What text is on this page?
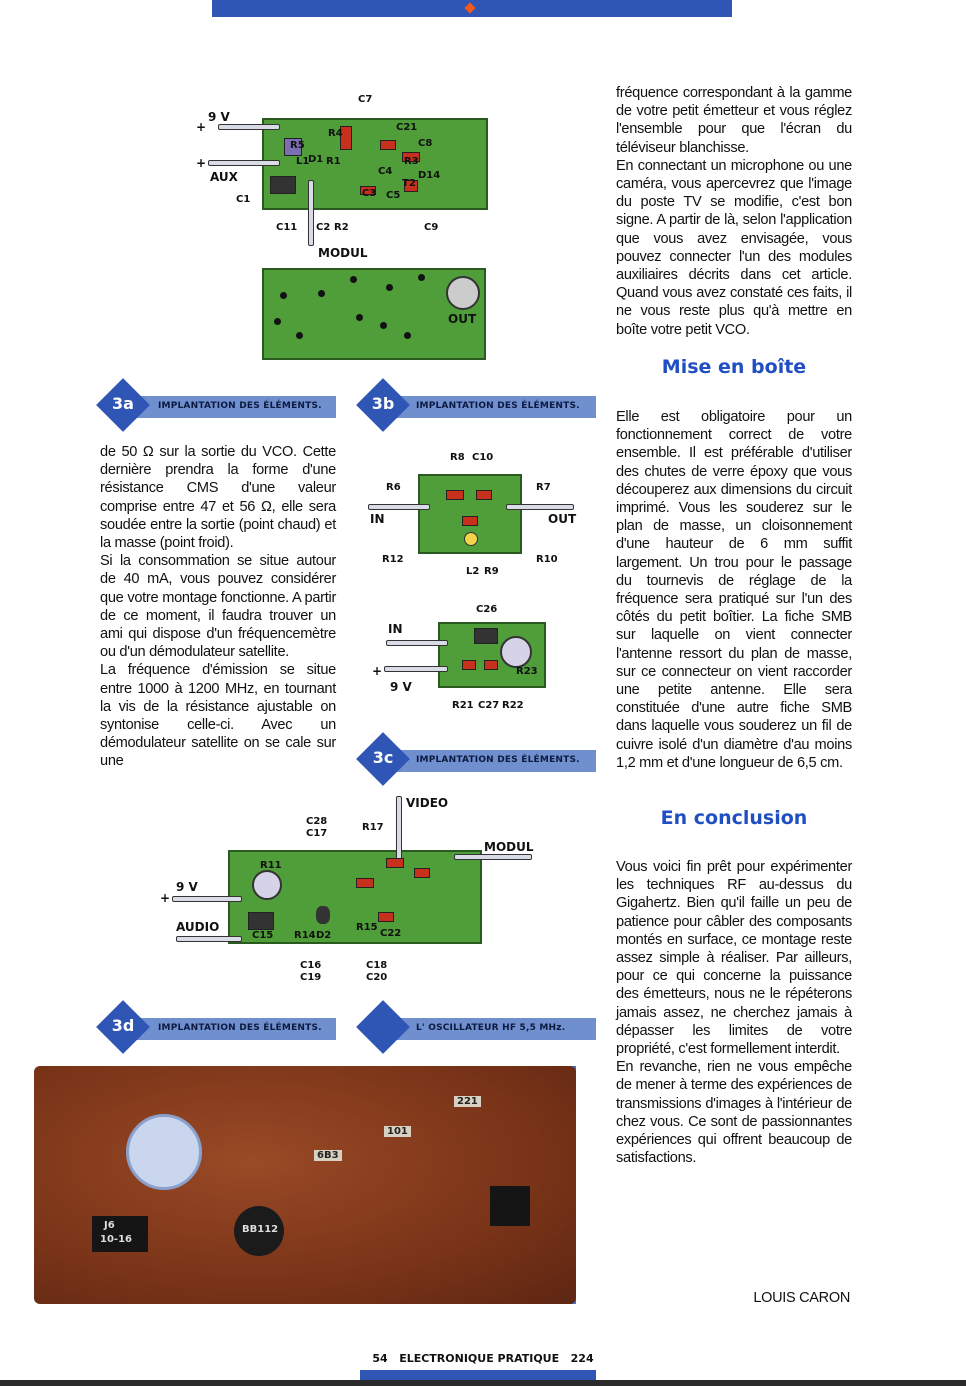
C7
9 V
+	R4
C21
C8
R5
L1
D1	R3
R1
C4
+
D14
AUX	T2
C3 C5
C1
C11 C2 R2	C9
MODUL
OUT
3a	IMPLANTATION DES ÉLÉMENTS.	3b	IMPLANTATION DES ÉLÉMENTS.
3c	IMPLANTATION DES ÉLÉMENTS.
3d	IMPLANTATION DES ÉLÉMENTS.	L' OSCILLATEUR HF 5,5 MHz.
R8 C10
R6	R7
IN	OUT
R12	R10
L2 R9
C26
IN
+
9 V
R23
R21 C27 R22
VIDEO
C28
C17
R17
MODUL
9 V
+
AUDIO
R11
C15	D2
R14
C16
C19
C18
C20
R15
C22
221
101
6B3
BB112
J6
10-16

de 50 Ω sur la sortie du VCO. Cette dernière prendra la forme d'une résistance CMS d'une valeur comprise entre 47 et 56 Ω, elle sera soudée entre la sortie (point chaud) et la masse (point froid).

Si la consommation se situe autour de 40 mA, vous pouvez considérer que votre montage fonctionne. A partir de ce moment, il faudra trouver un ami qui dispose d'un fréquencemètre ou d'un démodulateur satellite.

La fréquence d'émission se situe entre 1000 à 1200 MHz, en tournant la vis de la résistance ajustable on syntonise celle-ci. Avec un démodulateur satellite on se cale sur une

fréquence correspondant à la gamme de votre petit émetteur et vous réglez l'ensemble pour que l'écran du téléviseur blanchisse.

En connectant un microphone ou une caméra, vous apercevrez que l'image du poste TV se modifie, c'est bon signe. A partir de là, selon l'application que vous avez envisagée, vous pouvez connecter l'un des modules auxiliaires décrits dans cet article. Quand vous avez constaté ces faits, il ne vous reste plus qu'à mettre en boîte votre petit VCO.

Mise en boîte

Elle est obligatoire pour un fonctionnement correct de votre ensemble. Il est préférable d'utiliser des chutes de verre époxy que vous découperez aux dimensions du circuit imprimé. Vous les souderez sur le plan de masse, un cloisonnement d'une hauteur de 6 mm suffit largement. Un trou pour le passage du tournevis de réglage de la fréquence sera pratiqué sur l'un des côtés du petit boîtier. La fiche SMB sur laquelle on vient connecter l'antenne ressort du plan de masse, sur ce connecteur on vient raccorder une petite antenne. Elle sera constituée d'une autre fiche SMB dans laquelle vous souderez un fil de cuivre isolé d'un diamètre d'au moins 1,2 mm et d'une longueur de 6,5 cm.

En conclusion

Vous voici fin prêt pour expérimenter les techniques RF au-dessus du Gigahertz. Bien qu'il faille un peu de patience pour câbler des composants montés en surface, ce montage reste assez simple à réaliser. Par ailleurs, pour ce qui concerne la puissance des émetteurs, nous ne le répéterons jamais assez, ne cherchez jamais à dépasser les limites de votre propriété, c'est formellement interdit.

En revanche, rien ne vous empêche de mener à terme des expériences de transmissions d'images à l'intérieur de chez vous. Ce sont de passionnantes expériences qui offrent beaucoup de satisfactions.

LOUIS CARON
54 ELECTRONIQUE PRATIQUE 224
